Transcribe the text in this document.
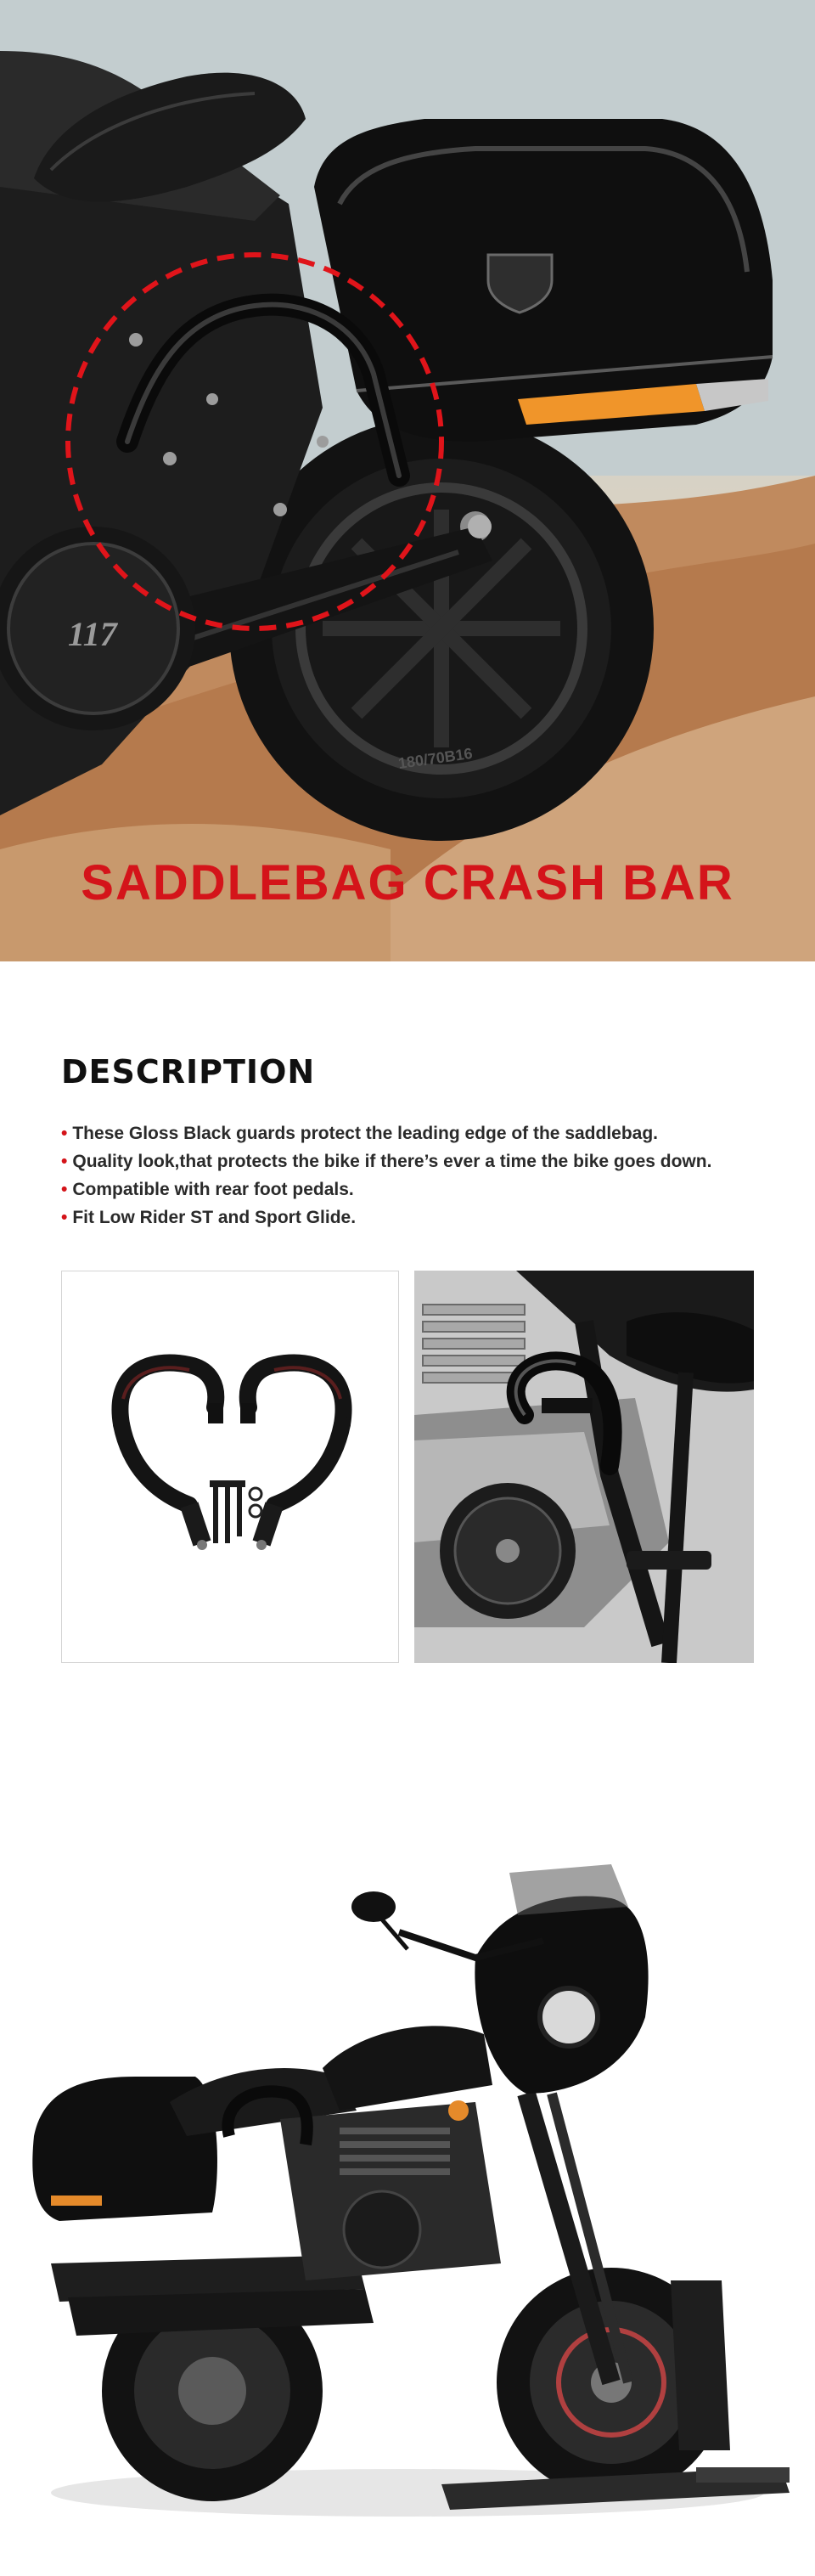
180/70B16
117
SADDLEBAG CRASH BAR
DESCRIPTION
• These Gloss Black guards protect the leading edge of the saddlebag.
• Quality look,that protects the bike if there’s ever a time the bike goes down.
• Compatible with rear foot pedals.
• Fit Low Rider ST and Sport Glide.
